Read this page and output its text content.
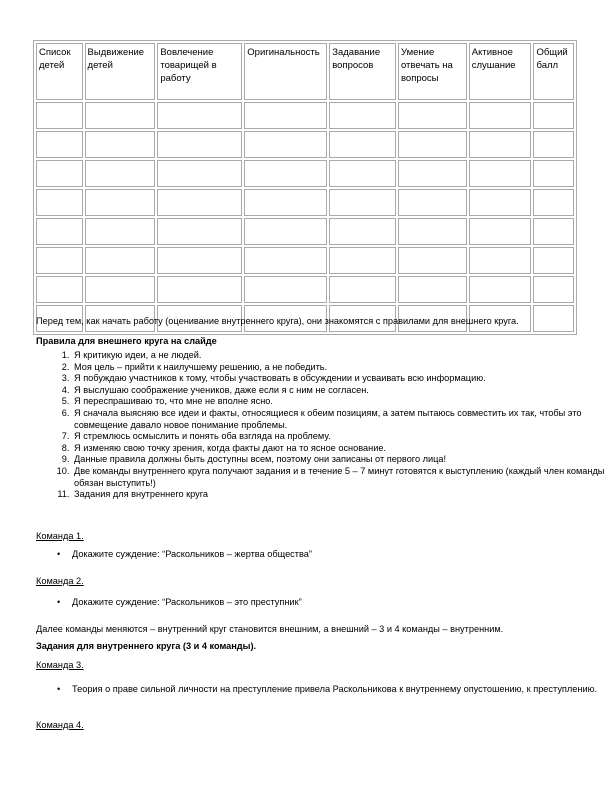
Список детей	Выдвижение детей	Вовлечение товарищей в работу	Оригинальность	Задавание вопросов	Умение отвечать на вопросы	Активное слушание	Общий балл

Перед тем, как начать работу (оценивание внутреннего круга), они знакомятся с правилами для внешнего круга.

Правила для внешнего круга на слайде

1. Я критикую идеи, а не людей.
2. Моя цель – прийти к наилучшему решению, а не победить.
3. Я побуждаю участников к тому, чтобы участвовать в обсуждении и усваивать всю информацию.
4. Я выслушаю соображение учеников, даже если я с ним не согласен.
5. Я переспрашиваю то, что мне не вполне ясно.
6. Я сначала выясняю все идеи и факты, относящиеся к обеим позициям, а затем пытаюсь совместить их так, чтобы это совмещение давало новое понимание проблемы.
7. Я стремлюсь осмыслить и понять оба взгляда на проблему.
8. Я изменяю свою точку зрения, когда факты дают на то ясное основание.
9. Данные правила должны быть доступны всем, поэтому они записаны от первого лица!
10. Две команды внутреннего круга получают задания и в течение 5 – 7 минут готовятся к выступлению (каждый член команды обязан выступить!)
11. Задания для внутреннего круга

Команда 1.

• Докажите суждение: “Раскольников – жертва общества”

Команда 2.

• Докажите суждение: “Раскольников – это преступник”

Далее команды меняются – внутренний круг становится внешним, а внешний – 3 и 4 команды – внутренним.

Задания для внутреннего круга (3 и 4 команды).

Команда 3.

• Теория о праве сильной личности на преступление привела Раскольникова к внутреннему опустошению, к преступлению.

Команда 4.
